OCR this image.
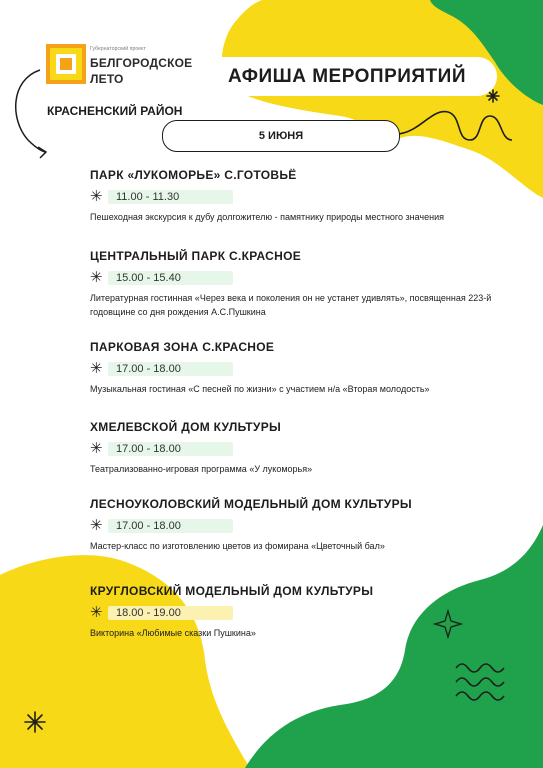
Губернаторский проект
БЕЛГОРОДСКОЕ
ЛЕТО
КРАСНЕНСКИЙ РАЙОН
АФИША МЕРОПРИЯТИЙ
5 ИЮНЯ
ПАРК «ЛУКОМОРЬЕ» С.ГОТОВЬЁ
✳ 11.00 - 11.30
Пешеходная экскурсия к дубу долгожителю - памятнику природы местного значения
ЦЕНТРАЛЬНЫЙ ПАРК С.КРАСНОЕ
✳ 15.00 - 15.40
Литературная гостинная «Через века и поколения он не устанет удивлять», посвященная 223-й годовщине со дня рождения А.С.Пушкина
ПАРКОВАЯ ЗОНА С.КРАСНОЕ
✳ 17.00 - 18.00
Музыкальная гостиная «С песней по жизни» с участием н/а «Вторая молодость»
ХМЕЛЕВСКОЙ ДОМ КУЛЬТУРЫ
✳ 17.00 - 18.00
Театрализованно-игровая программа «У лукоморья»
ЛЕСНОУКОЛОВСКИЙ МОДЕЛЬНЫЙ ДОМ КУЛЬТУРЫ
✳ 17.00 - 18.00
Мастер-класс по изготовлению цветов из фомирана «Цветочный бал»
КРУГЛОВСКИЙ МОДЕЛЬНЫЙ ДОМ КУЛЬТУРЫ
✳ 18.00 - 19.00
Викторина «Любимые сказки Пушкина»
